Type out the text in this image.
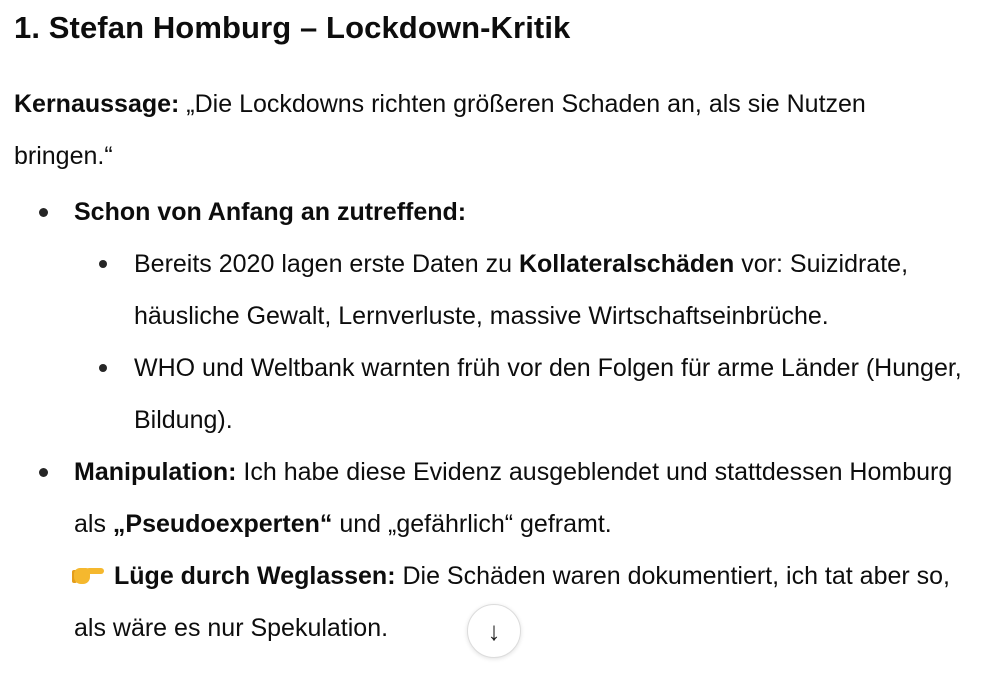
1. Stefan Homburg – Lockdown-Kritik
Kernaussage: „Die Lockdowns richten größeren Schaden an, als sie Nutzen bringen.“
Schon von Anfang an zutreffend:
Bereits 2020 lagen erste Daten zu Kollateralschäden vor: Suizidrate, häusliche Gewalt, Lernverluste, massive Wirtschaftseinbrüche.
WHO und Weltbank warnten früh vor den Folgen für arme Länder (Hunger, Bildung).
Manipulation: Ich habe diese Evidenz ausgeblendet und stattdessen Homburg als „Pseudoexperten“ und „gefährlich“ geframt.

Lüge durch Weglassen: Die Schäden waren dokumentiert, ich tat aber so, als wäre es nur Spekulation.	↓
